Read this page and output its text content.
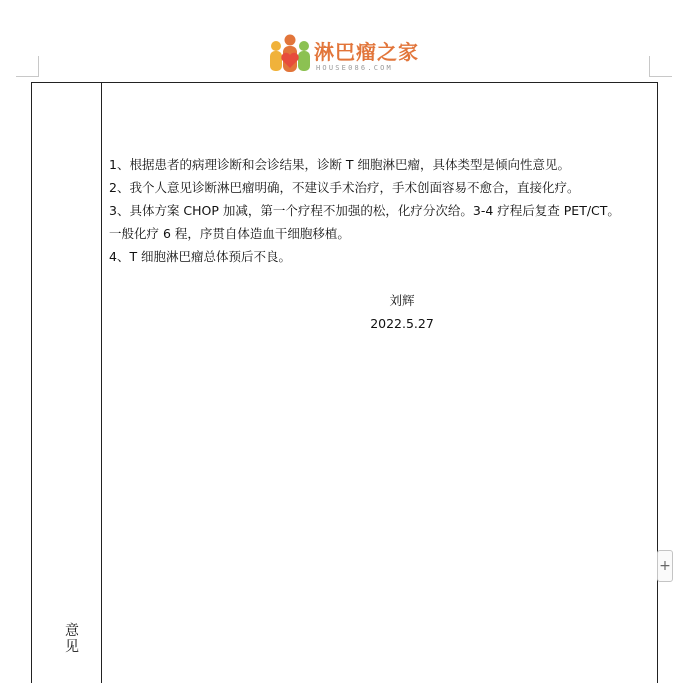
淋巴瘤之家
HOUSE086.COM
意
见

1、根据患者的病理诊断和会诊结果，诊断 T 细胞淋巴瘤，具体类型是倾向性意见。

2、我个人意见诊断淋巴瘤明确，不建议手术治疗，手术创面容易不愈合，直接化疗。

3、具体方案 CHOP 加减，第一个疗程不加强的松，化疗分次给。3-4 疗程后复查 PET/CT。

一般化疗 6 程，序贯自体造血干细胞移植。

4、T 细胞淋巴瘤总体预后不良。

刘辉

2022.5.27

+
